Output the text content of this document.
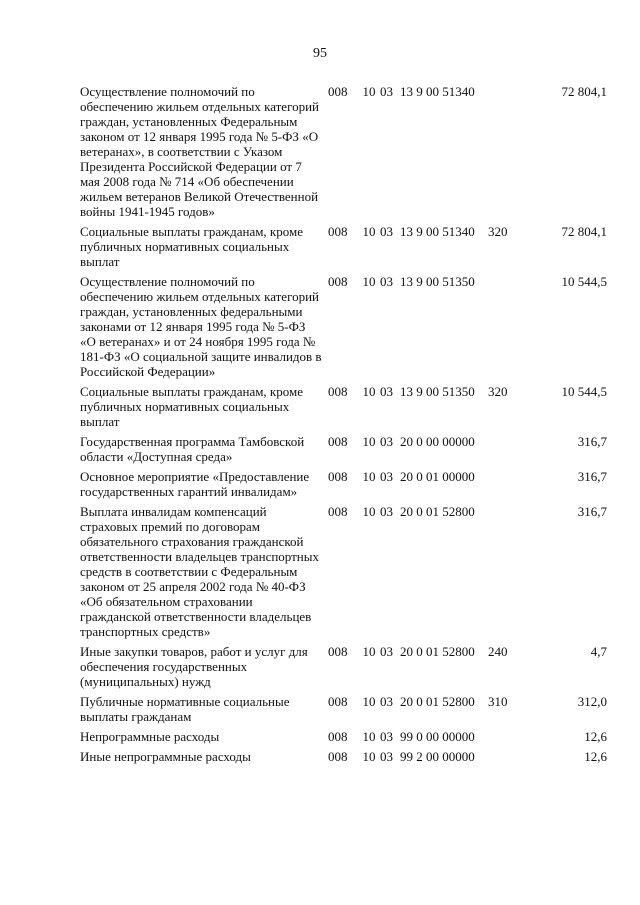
95
Осуществление полномочий по обеспечению жильем отдельных категорий граждан, установленных Федеральным законом от 12 января 1995 года № 5-ФЗ «О ветеранах», в соответствии с Указом Президента Российской Федерации от 7 мая 2008 года № 714 «Об обеспечении жильем ветеранов Великой Отечественной войны 1941-1945 годов»	008	10	03	13 9 00 51340		72 804,1

Социальные выплаты гражданам, кроме публичных нормативных социальных выплат	008	10	03	13 9 00 51340	320	72 804,1

Осуществление полномочий по обеспечению жильем отдельных категорий граждан, установленных федеральными законами от 12 января 1995 года № 5-ФЗ «О ветеранах» и от 24 ноября 1995 года № 181-ФЗ «О социальной защите инвалидов в Российской Федерации»	008	10	03	13 9 00 51350		10 544,5

Социальные выплаты гражданам, кроме публичных нормативных социальных выплат	008	10	03	13 9 00 51350	320	10 544,5

Государственная программа Тамбовской области «Доступная среда»	008	10	03	20 0 00 00000		316,7

Основное мероприятие «Предоставление государственных гарантий инвалидам»	008	10	03	20 0 01 00000		316,7

Выплата инвалидам компенсаций страховых премий по договорам обязательного страхования гражданской ответственности владельцев транспортных средств в соответствии с Федеральным законом от 25 апреля 2002 года № 40-ФЗ «Об обязательном страховании гражданской ответственности владельцев транспортных средств»	008	10	03	20 0 01 52800		316,7

Иные закупки товаров, работ и услуг для обеспечения государственных (муниципальных) нужд	008	10	03	20 0 01 52800	240	4,7

Публичные нормативные социальные выплаты гражданам	008	10	03	20 0 01 52800	310	312,0

Непрограммные расходы	008	10	03	99 0 00 00000		12,6

Иные непрограммные расходы	008	10	03	99 2 00 00000		12,6
